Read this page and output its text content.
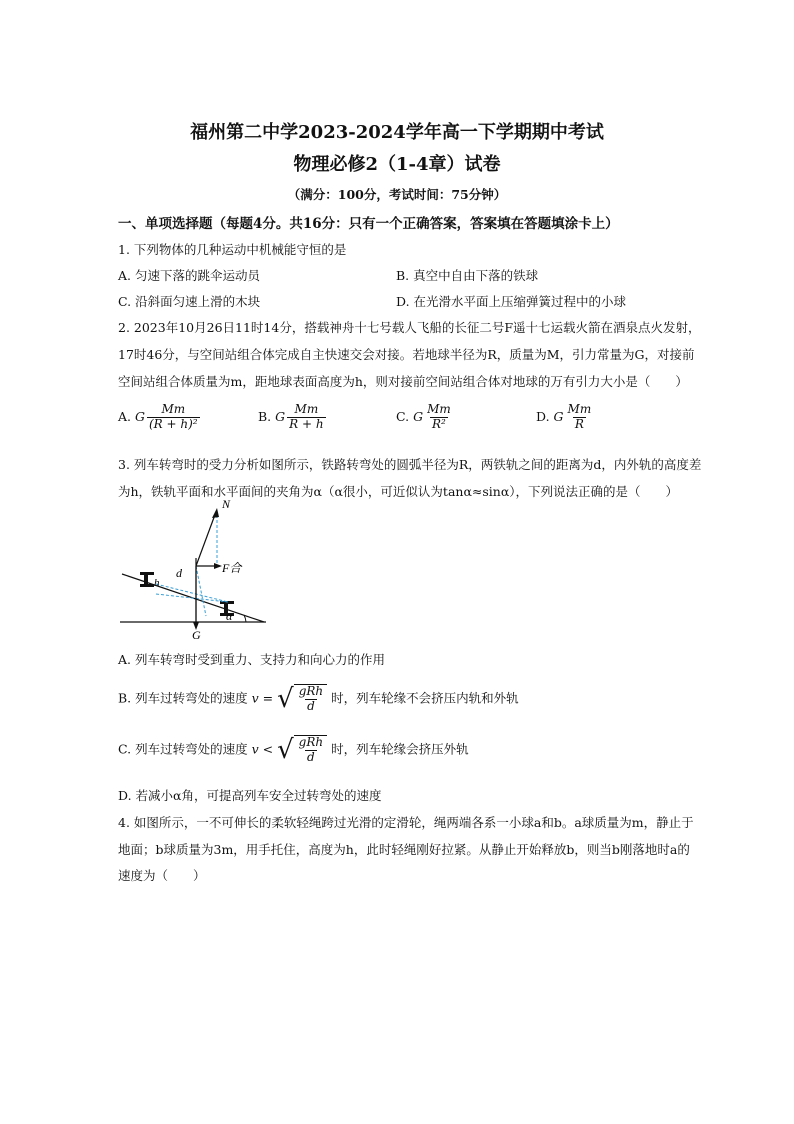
福州第二中学2023-2024学年高一下学期期中考试
物理必修2（1-4章）试卷
（满分：100分，考试时间：75分钟）
一、单项选择题（每题4分。共16分：只有一个正确答案，答案填在答题填涂卡上）
1. 下列物体的几种运动中机械能守恒的是
A. 匀速下落的跳伞运动员	B. 真空中自由下落的铁球
C. 沿斜面匀速上滑的木块	D. 在光滑水平面上压缩弹簧过程中的小球
2. 2023年10月26日11时14分，搭载神舟十七号载人飞船的长征二号F遥十七运载火箭在酒泉点火发射，
17时46分，与空间站组合体完成自主快速交会对接。若地球半径为R，质量为M，引力常量为G，对接前
空间站组合体质量为m，距地球表面高度为h，则对接前空间站组合体对地球的万有引力大小是（　　）
A. G $\frac{Mm}{\text{(R + h)²}}$	B. G $\frac{Mm}{R + h}$	C. G $\frac{Mm}{\text{R²}}$	D. G $\frac{Mm}{R}$
3. 列车转弯时的受力分析如图所示，铁路转弯处的圆弧半径为R，两铁轨之间的距离为d，内外轨的高度差
为h，铁轨平面和水平面间的夹角为α（α很小，可近似认为tanα≈sinα），下列说法正确的是（　　）
N
F合
d
h
G
α
A. 列车转弯时受到重力、支持力和向心力的作用
B. 列车过转弯处的速度 v = √ $\frac{\text{gRh}}{d}$ 时，列车轮缘不会挤压内轨和外轨
C. 列车过转弯处的速度 v < √ $\frac{\text{gRh}}{d}$ 时，列车轮缘会挤压外轨
D. 若减小α角，可提高列车安全过转弯处的速度
4. 如图所示，一不可伸长的柔软轻绳跨过光滑的定滑轮，绳两端各系一小球a和b。a球质量为m，静止于
地面；b球质量为3m，用手托住，高度为h，此时轻绳刚好拉紧。从静止开始释放b，则当b刚落地时a的
速度为（　　）
